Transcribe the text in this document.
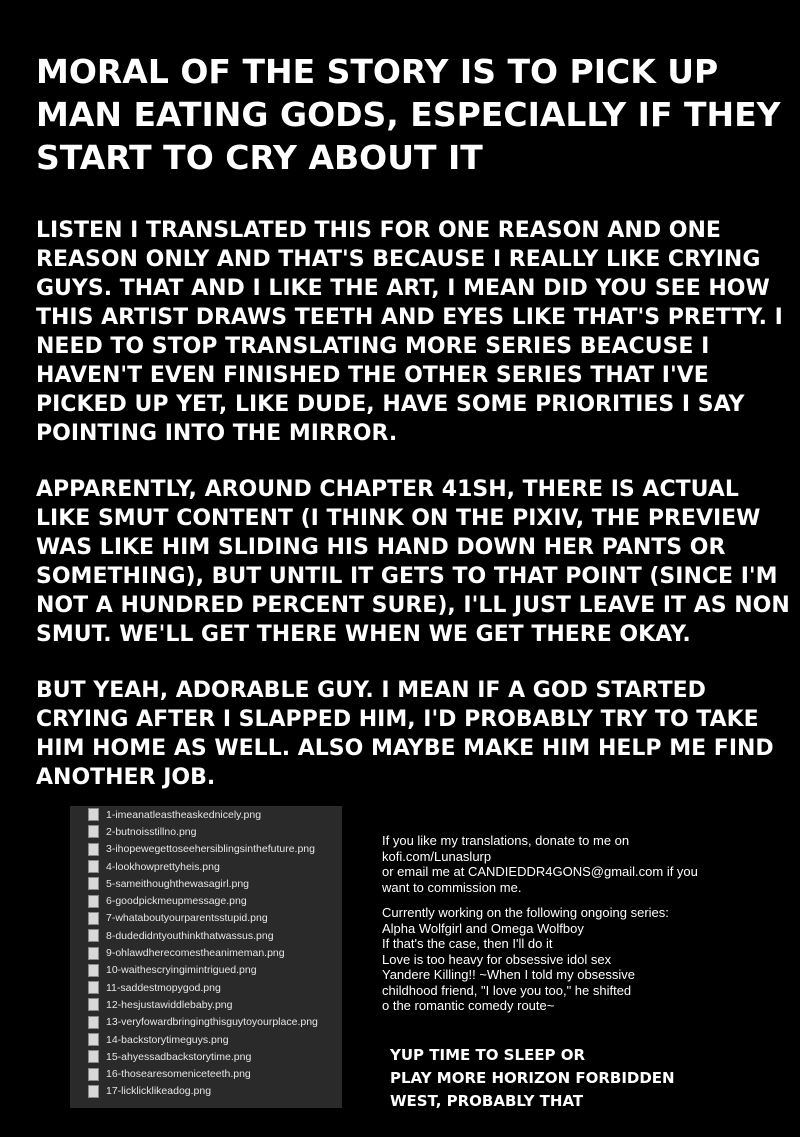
MORAL OF THE STORY IS TO PICK UP MAN EATING GODS, ESPECIALLY IF THEY START TO CRY ABOUT IT

LISTEN I TRANSLATED THIS FOR ONE REASON AND ONE REASON ONLY AND THAT'S BECAUSE I REALLY LIKE CRYING GUYS. THAT AND I LIKE THE ART, I MEAN DID YOU SEE HOW THIS ARTIST DRAWS TEETH AND EYES LIKE THAT'S PRETTY. I NEED TO STOP TRANSLATING MORE SERIES BEACUSE I HAVEN'T EVEN FINISHED THE OTHER SERIES THAT I'VE PICKED UP YET, LIKE DUDE, HAVE SOME PRIORITIES I SAY POINTING INTO THE MIRROR.

APPARENTLY, AROUND CHAPTER 41SH, THERE IS ACTUAL LIKE SMUT CONTENT (I THINK ON THE PIXIV, THE PREVIEW WAS LIKE HIM SLIDING HIS HAND DOWN HER PANTS OR SOMETHING), BUT UNTIL IT GETS TO THAT POINT (SINCE I'M NOT A HUNDRED PERCENT SURE), I'LL JUST LEAVE IT AS NON SMUT. WE'LL GET THERE WHEN WE GET THERE OKAY.

BUT YEAH, ADORABLE GUY. I MEAN IF A GOD STARTED CRYING AFTER I SLAPPED HIM, I'D PROBABLY TRY TO TAKE HIM HOME AS WELL. ALSO MAYBE MAKE HIM HELP ME FIND ANOTHER JOB.

1-imeanatleastheaskednicely.png
2-butnoisstillno.png
3-ihopewegettoseehersiblingsinthefuture.png
4-lookhowprettyheis.png
5-sameithoughthewasagirl.png
6-goodpickmeupmessage.png
7-whataboutyourparentsstupid.png
8-dudedidntyouthinkthatwassus.png
9-ohlawdherecomestheanimeman.png
10-waithescryingimintrigued.png
11-saddestmopygod.png
12-hesjustawiddlebaby.png
13-veryfowardbringingthisguytoyourplace.png
14-backstorytimeguys.png
15-ahyessadbackstorytime.png
16-thosearesomeniceteeth.png
17-licklicklikeadog.png

If you like my translations, donate to me on

kofi.com/Lunaslurp

or email me at CANDIEDDR4GONS@gmail.com if you

want to commission me.

Currently working on the following ongoing series:

Alpha Wolfgirl and Omega Wolfboy

If that's the case, then I'll do it

Love is too heavy for obsessive idol sex

Yandere Killing!! ~When I told my obsessive

childhood friend, "I love you too," he shifted

o the romantic comedy route~

YUP TIME TO SLEEP OR

PLAY MORE HORIZON FORBIDDEN

WEST, PROBABLY THAT
